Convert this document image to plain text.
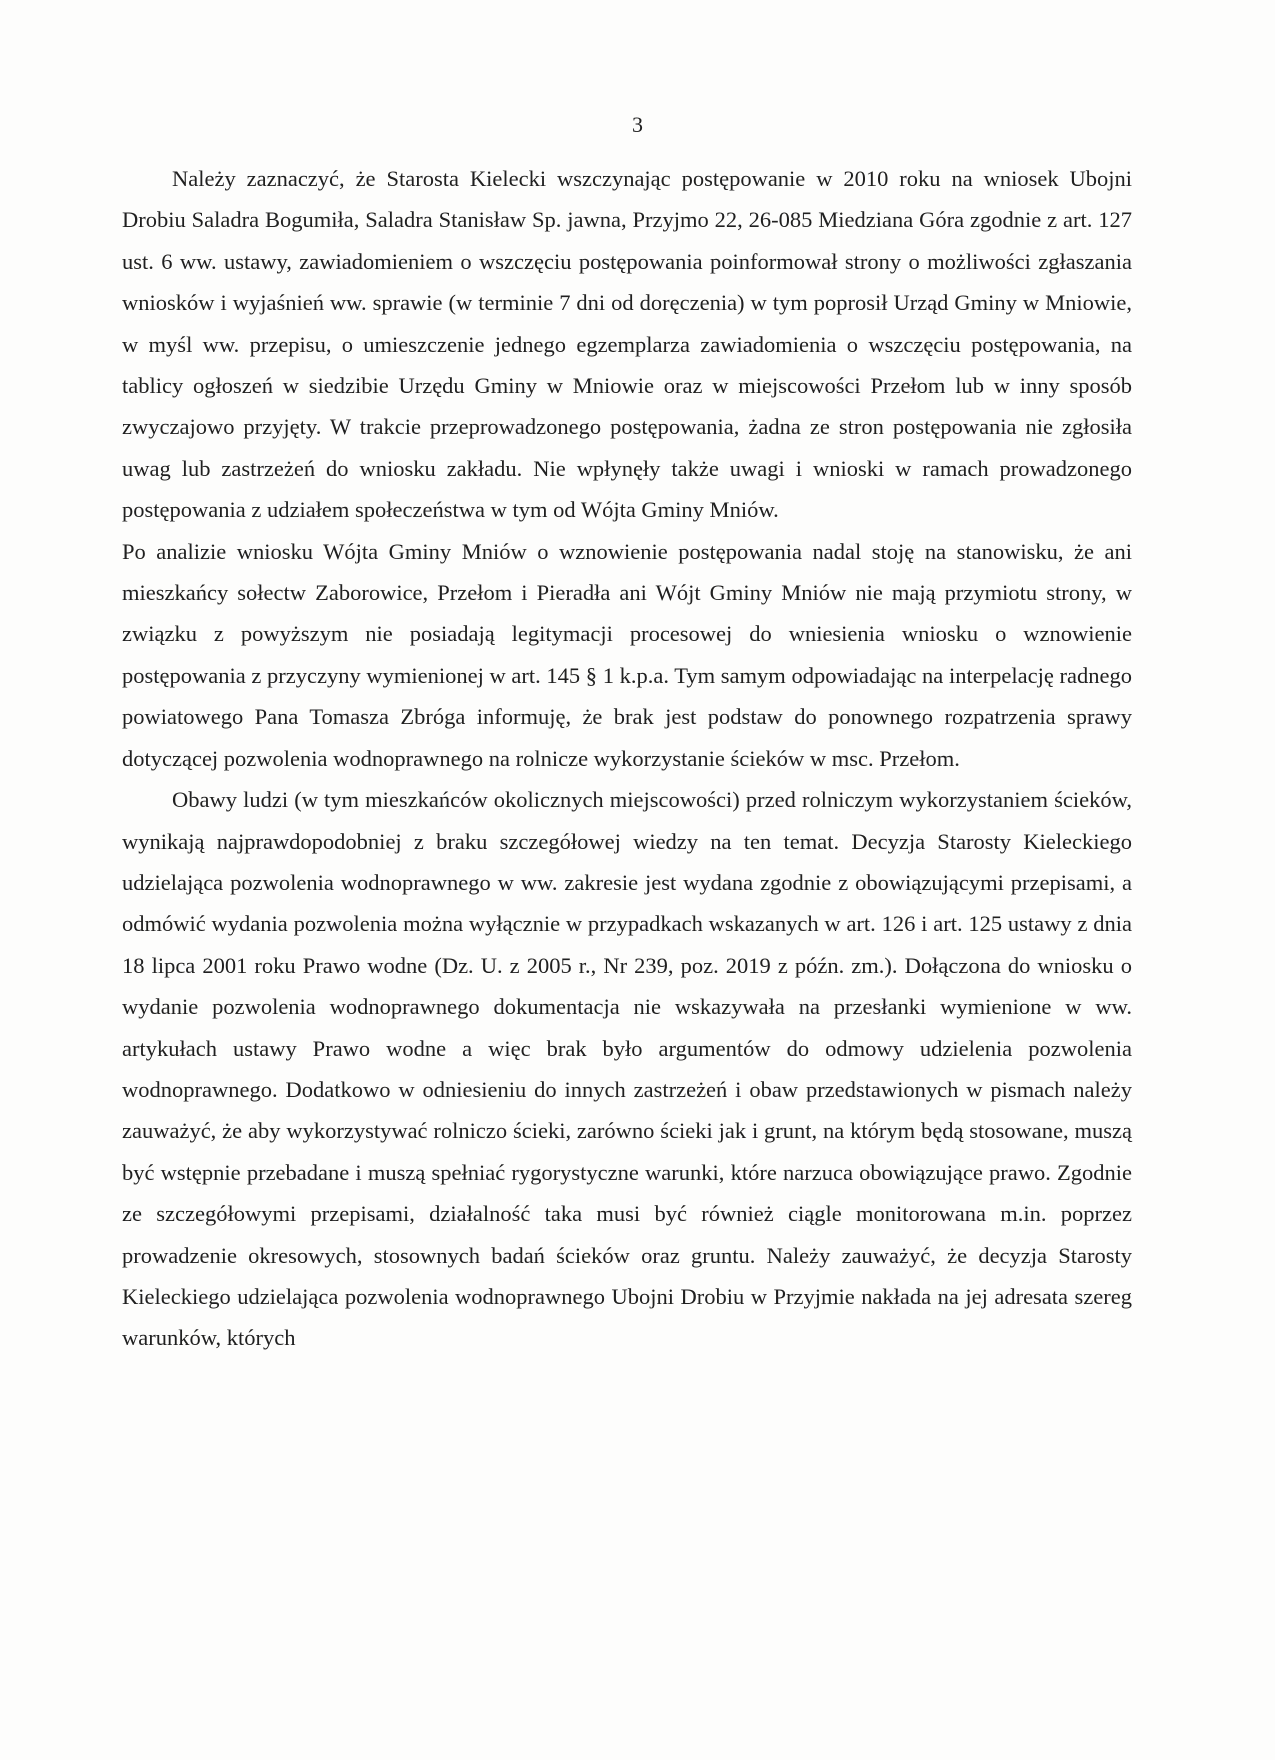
3

Należy zaznaczyć, że Starosta Kielecki wszczynając postępowanie w 2010 roku na wniosek Ubojni Drobiu Saladra Bogumiła, Saladra Stanisław Sp. jawna, Przyjmo 22, 26-085 Miedziana Góra zgodnie z art. 127 ust. 6 ww. ustawy, zawiadomieniem o wszczęciu postępowania poinformował strony o możliwości zgłaszania wniosków i wyjaśnień ww. sprawie (w terminie 7 dni od doręczenia) w tym poprosił Urząd Gminy w Mniowie, w myśl ww. przepisu, o umieszczenie jednego egzemplarza zawiadomienia o wszczęciu postępowania, na tablicy ogłoszeń w siedzibie Urzędu Gminy w Mniowie oraz w miejscowości Przełom lub w inny sposób zwyczajowo przyjęty. W trakcie przeprowadzonego postępowania, żadna ze stron postępowania nie zgłosiła uwag lub zastrzeżeń do wniosku zakładu. Nie wpłynęły także uwagi i wnioski w ramach prowadzonego postępowania z udziałem społeczeństwa w tym od Wójta Gminy Mniów.

Po analizie wniosku Wójta Gminy Mniów o wznowienie postępowania nadal stoję na stanowisku, że ani mieszkańcy sołectw Zaborowice, Przełom i Pieradła ani Wójt Gminy Mniów nie mają przymiotu strony, w związku z powyższym nie posiadają legitymacji procesowej do wniesienia wniosku o wznowienie postępowania z przyczyny wymienionej w art. 145 § 1 k.p.a. Tym samym odpowiadając na interpelację radnego powiatowego Pana Tomasza Zbróga informuję, że brak jest podstaw do ponownego rozpatrzenia sprawy dotyczącej pozwolenia wodnoprawnego na rolnicze wykorzystanie ścieków w msc. Przełom.

Obawy ludzi (w tym mieszkańców okolicznych miejscowości) przed rolniczym wykorzystaniem ścieków, wynikają najprawdopodobniej z braku szczegółowej wiedzy na ten temat. Decyzja Starosty Kieleckiego udzielająca pozwolenia wodnoprawnego w ww. zakresie jest wydana zgodnie z obowiązującymi przepisami, a odmówić wydania pozwolenia można wyłącznie w przypadkach wskazanych w art. 126 i art. 125 ustawy z dnia 18 lipca 2001 roku Prawo wodne (Dz. U. z 2005 r., Nr 239, poz. 2019 z późn. zm.). Dołączona do wniosku o wydanie pozwolenia wodnoprawnego dokumentacja nie wskazywała na przesłanki wymienione w ww. artykułach ustawy Prawo wodne a więc brak było argumentów do odmowy udzielenia pozwolenia wodnoprawnego. Dodatkowo w odniesieniu do innych zastrzeżeń i obaw przedstawionych w pismach należy zauważyć, że aby wykorzystywać rolniczo ścieki, zarówno ścieki jak i grunt, na którym będą stosowane, muszą być wstępnie przebadane i muszą spełniać rygorystyczne warunki, które narzuca obowiązujące prawo. Zgodnie ze szczegółowymi przepisami, działalność taka musi być również ciągle monitorowana m.in. poprzez prowadzenie okresowych, stosownych badań ścieków oraz gruntu. Należy zauważyć, że decyzja Starosty Kieleckiego udzielająca pozwolenia wodnoprawnego Ubojni Drobiu w Przyjmie nakłada na jej adresata szereg warunków, których
